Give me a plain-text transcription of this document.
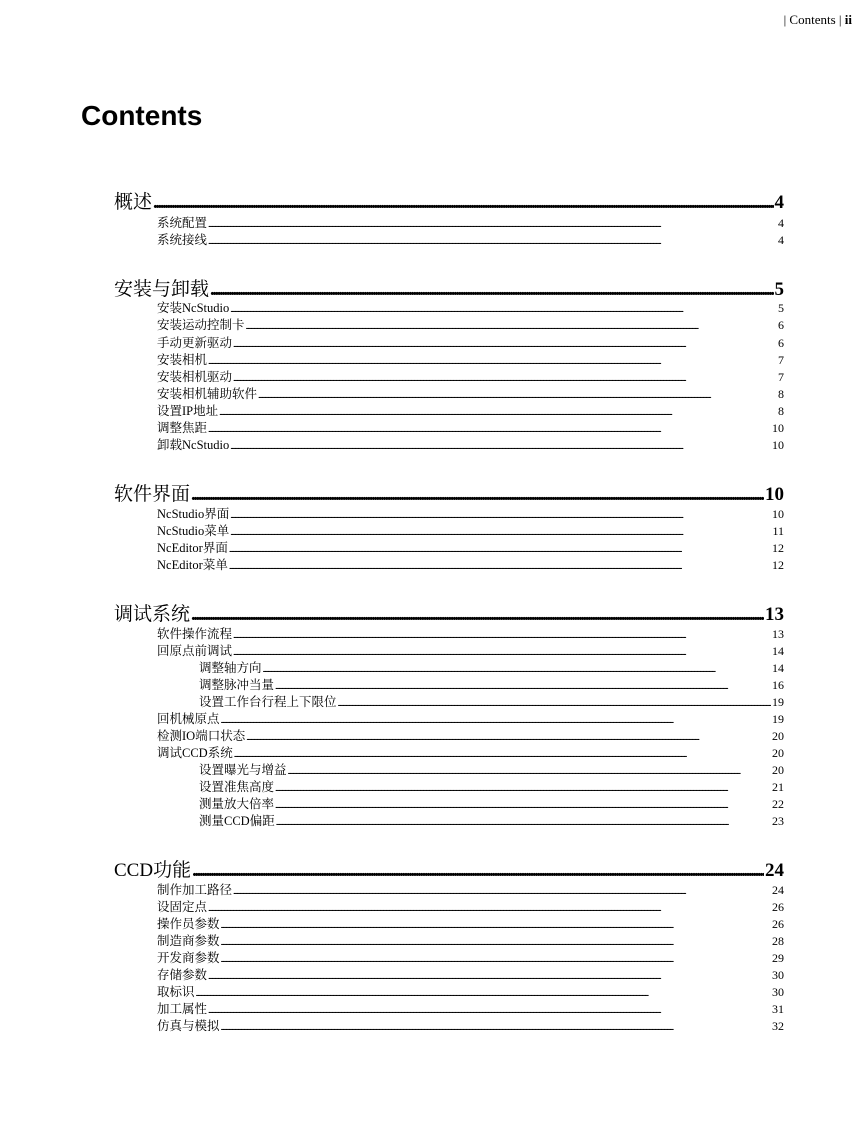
| Contents | ii
Contents
概述 .....	4
系统配置 .....	4
系统接线 .....	4
安装与卸载 .....	5
安装NcStudio .....	5
安装运动控制卡 .....	6
手动更新驱动 .....	6
安装相机 .....	7
安装相机驱动 .....	7
安装相机辅助软件 .....	8
设置IP地址 .....	8
调整焦距 .....	10
卸载NcStudio .....	10
软件界面 .....	10
NcStudio界面 .....	10
NcStudio菜单 .....	11
NcEditor界面 .....	12
NcEditor菜单 .....	12
调试系统 .....	13
软件操作流程 .....	13
回原点前调试 .....	14
调整轴方向 .....	14
调整脉冲当量 .....	16
设置工作台行程上下限位 .....	19
回机械原点 .....	19
检测IO端口状态 .....	20
调试CCD系统 .....	20
设置曝光与增益 .....	20
设置准焦高度 .....	21
测量放大倍率 .....	22
测量CCD偏距 .....	23
CCD功能 .....	24
制作加工路径 .....	24
设固定点 .....	26
操作员参数 .....	26
制造商参数 .....	28
开发商参数 .....	29
存储参数 .....	30
取标识 .....	30
加工属性 .....	31
仿真与模拟 .....	32
